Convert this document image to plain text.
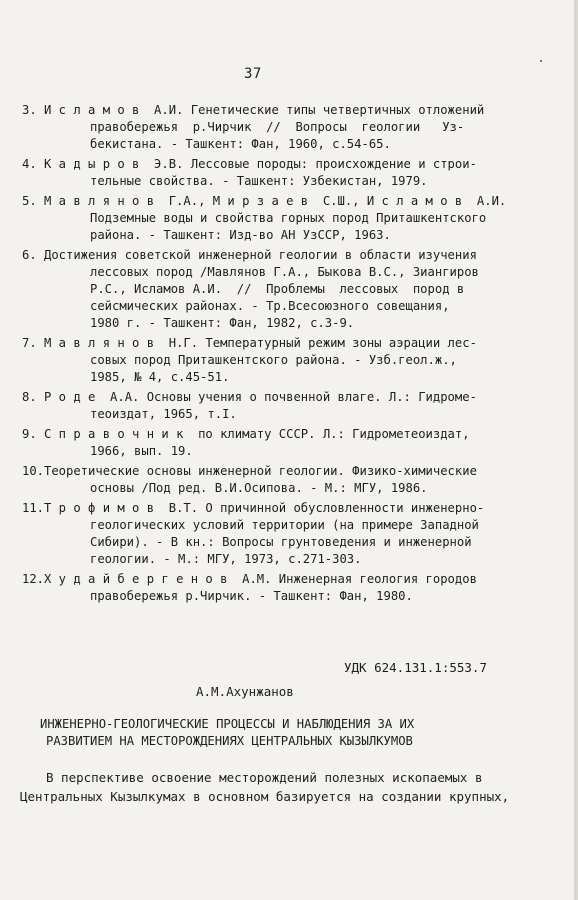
37
3. И с л а м о в  А.И. Генетические типы четвертичных отложений
правобережья  р.Чирчик  //  Вопросы  геологии   Уз-
бекистана. - Ташкент: Фан, 1960, с.54-65.
4. К а д ы р о в  Э.В. Лессовые породы: происхождение и строи-
тельные свойства. - Ташкент: Узбекистан, 1979.
5. М а в л я н о в  Г.А., М и р з а е в  С.Ш., И с л а м о в  А.И.
Подземные воды и свойства горных пород Приташкентского
района. - Ташкент: Изд-во АН УзССР, 1963.
6. Достижения советской инженерной геологии в области изучения
лессовых пород /Мавлянов Г.А., Быкова В.С., Зиангиров
Р.С., Исламов А.И.  //  Проблемы  лессовых  пород в
сейсмических районах. - Тр.Всесоюзного совещания,
1980 г. - Ташкент: Фан, 1982, с.3-9.
7. М а в л я н о в  Н.Г. Температурный режим зоны аэрации лес-
совых пород Приташкентского района. - Узб.геол.ж.,
1985, № 4, с.45-51.
8. Р о д е  А.А. Основы учения о почвенной влаге. Л.: Гидроме-
теоиздат, 1965, т.I.
9. С п р а в о ч н и к  по климату СССР. Л.: Гидрометеоиздат,
1966, вып. 19.
10. Теоретические основы инженерной геологии. Физико-химические
основы /Под ред. В.И.Осипова. - М.: МГУ, 1986.
11. Т р о ф и м о в  В.Т. О причинной обусловленности инженерно-
геологических условий территории (на примере Западной
Сибири). - В кн.: Вопросы грунтоведения и инженерной
геологии. - М.: МГУ, 1973, с.271-303.
12. Х у д а й б е р г е н о в  А.М. Инженерная геология городов
правобережья р.Чирчик. - Ташкент: Фан, 1980.
УДК 624.131.1:553.7
А.М.Ахунжанов
ИНЖЕНЕРНО-ГЕОЛОГИЧЕСКИЕ ПРОЦЕССЫ И НАБЛЮДЕНИЯ ЗА ИХ
РАЗВИТИЕМ НА МЕСТОРОЖДЕНИЯХ ЦЕНТРАЛЬНЫХ КЫЗЫЛКУМОВ
В перспективе освоение месторождений полезных ископаемых в
Центральных Кызылкумах в основном базируется на создании крупных,
